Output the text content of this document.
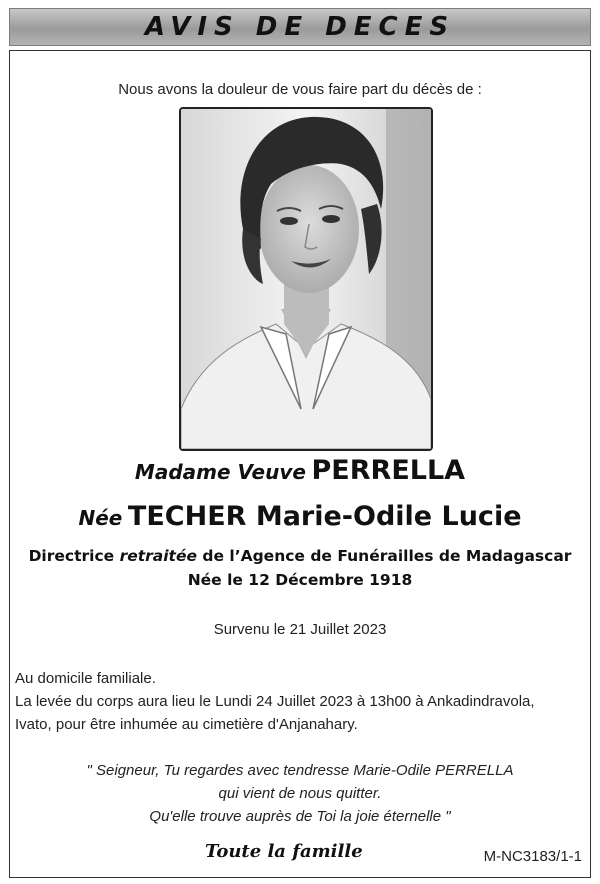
AVIS DE DECES
Nous avons la douleur de vous faire part du décès de :
Madame Veuve PERRELLA
Née TECHER Marie-Odile Lucie
Directrice retraitée de l’Agence de Funérailles de Madagascar
Née le 12 Décembre 1918
Survenu le 21 Juillet 2023
Au domicile familiale.
La levée du corps aura lieu le Lundi 24 Juillet 2023 à 13h00 à Ankadindravola,
Ivato, pour être inhumée au cimetière d'Anjanahary.
" Seigneur, Tu regardes avec tendresse Marie-Odile PERRELLA
qui vient de nous quitter.
Qu'elle trouve auprès de Toi la joie éternelle "
Toute la famille	M-NC3183/1-1
